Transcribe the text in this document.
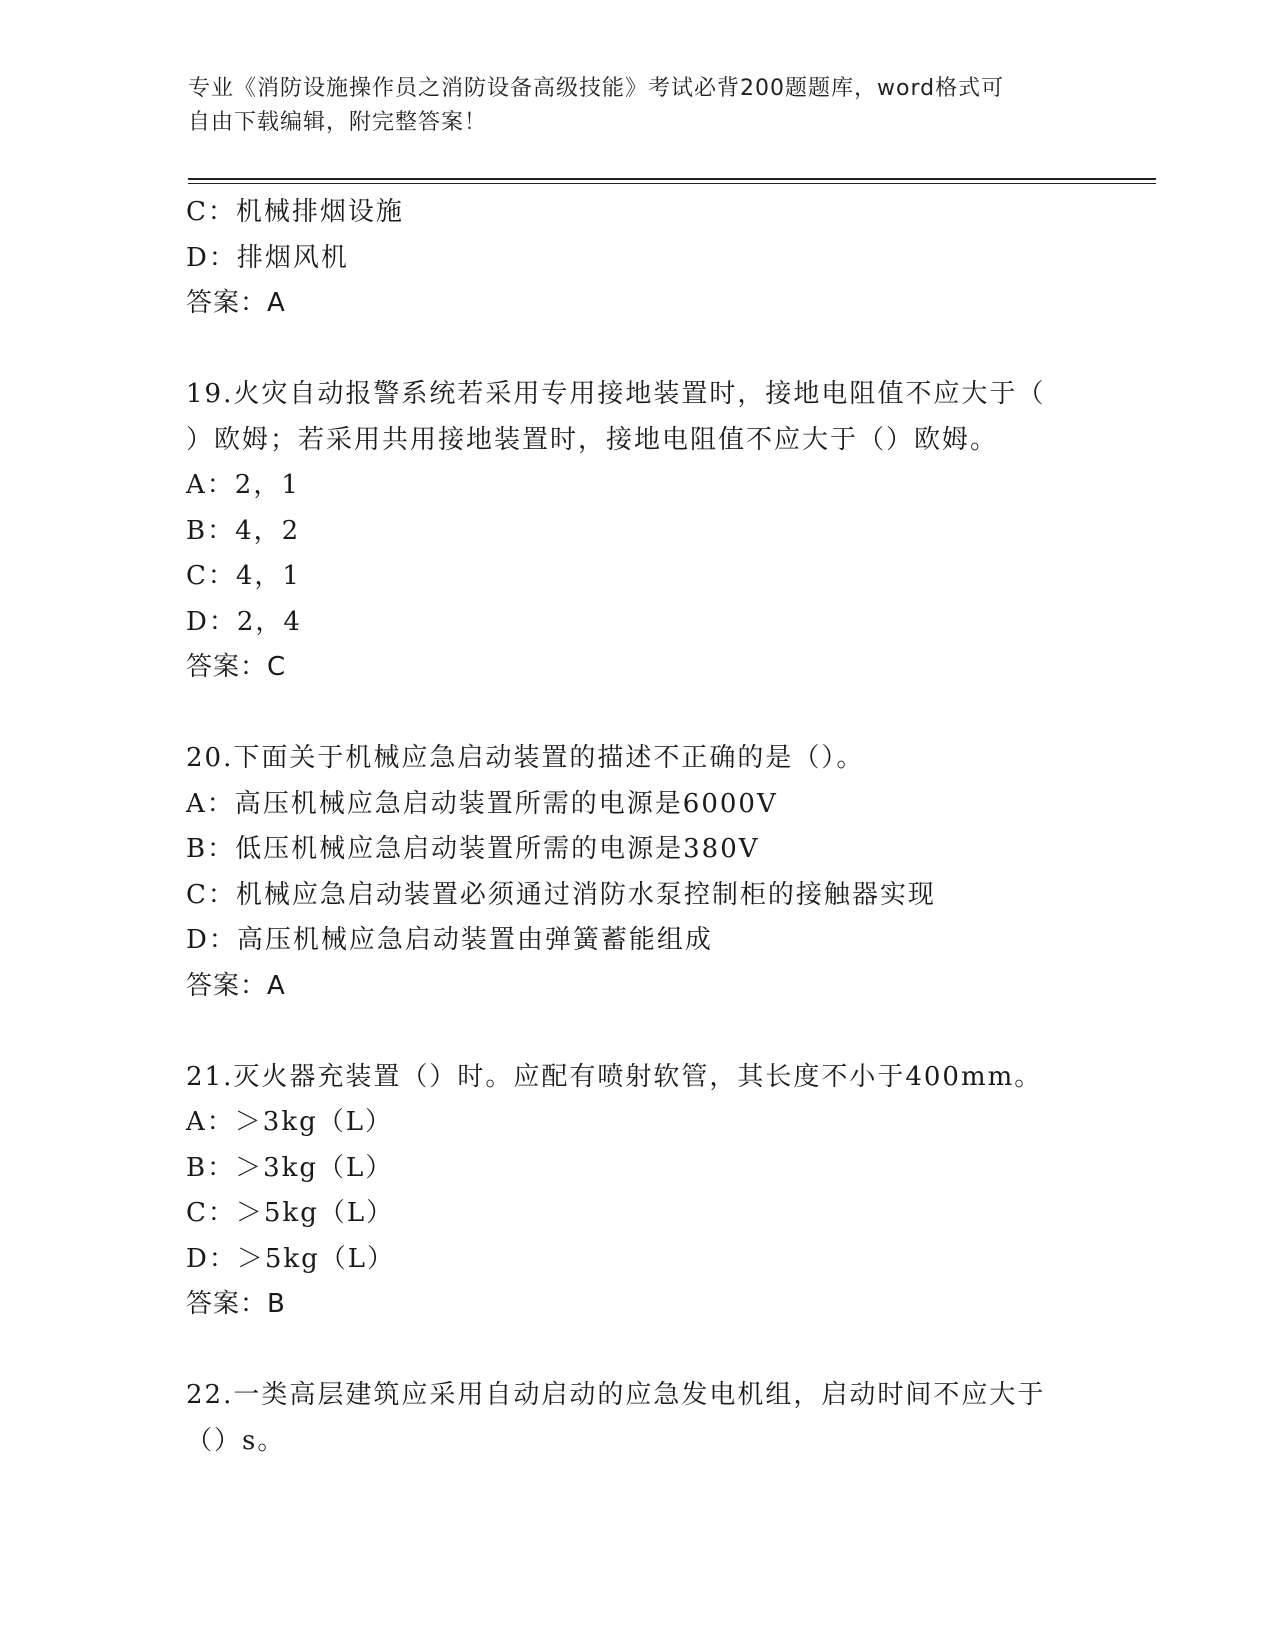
专业《消防设施操作员之消防设备高级技能》考试必背200题题库，word格式可
自由下载编辑，附完整答案！
C：机械排烟设施
D：排烟风机
答案：A
19.火灾自动报警系统若采用专用接地装置时，接地电阻值不应大于（
）欧姆；若采用共用接地装置时，接地电阻值不应大于（）欧姆。
A：2，1
B：4，2
C：4，1
D：2，4
答案：C
20.下面关于机械应急启动装置的描述不正确的是（）。
A：高压机械应急启动装置所需的电源是6000V
B：低压机械应急启动装置所需的电源是380V
C：机械应急启动装置必须通过消防水泵控制柜的接触器实现
D：高压机械应急启动装置由弹簧蓄能组成
答案：A
21.灭火器充装置（）时。应配有喷射软管，其长度不小于400mm。
A：＞3kg（L）
B：＞3kg（L）
C：＞5kg（L）
D：＞5kg（L）
答案：B
22.一类高层建筑应采用自动启动的应急发电机组，启动时间不应大于
（）s。
